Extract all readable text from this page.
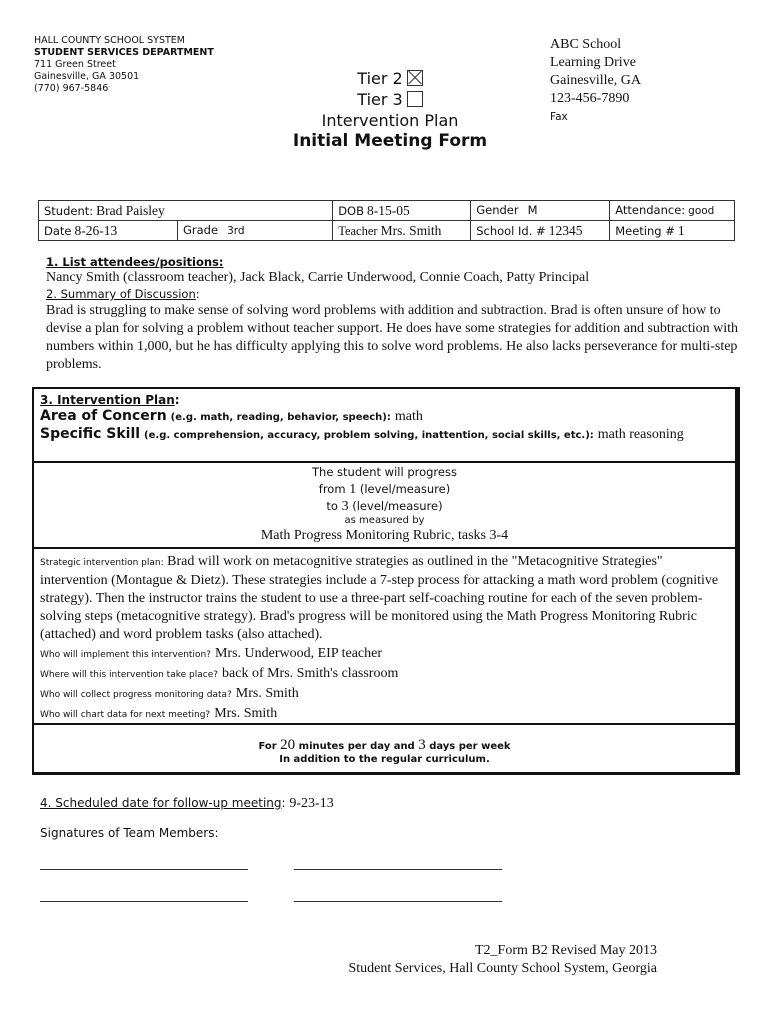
HALL COUNTY SCHOOL SYSTEM
STUDENT SERVICES DEPARTMENT
711 Green Street
Gainesville, GA 30501
(770) 967-5846
ABC School
Learning Drive
Gainesville, GA
123-456-7890
Fax
Tier 2
Tier 3
Intervention Plan
Initial Meeting Form
Student: Brad Paisley		DOB 8-15-05	Gender M	Attendance: good
Date 8-26-13	Grade 3rd	Teacher Mrs. Smith	School Id. # 12345	Meeting # 1
1. List attendees/positions:
Nancy Smith (classroom teacher), Jack Black, Carrie Underwood, Connie Coach, Patty Principal
2. Summary of Discussion:
Brad is struggling to make sense of solving word problems with addition and subtraction. Brad is often unsure of how to devise a plan for solving a problem without teacher support. He does have some strategies for addition and subtraction with numbers within 1,000, but he has difficulty applying this to solve word problems. He also lacks perseverance for multi-step problems.
3. Intervention Plan:
Area of Concern (e.g. math, reading, behavior, speech): math
Specific Skill (e.g. comprehension, accuracy, problem solving, inattention, social skills, etc.): math reasoning
The student will progress
from 1 (level/measure)
to 3 (level/measure)
as measured by
Math Progress Monitoring Rubric, tasks 3-4
Strategic intervention plan: Brad will work on metacognitive strategies as outlined in the "Metacognitive Strategies" intervention (Montague & Dietz). These strategies include a 7-step process for attacking a math word problem (cognitive strategy). Then the instructor trains the student to use a three-part self-coaching routine for each of the seven problem-solving steps (metacognitive strategy). Brad's progress will be monitored using the Math Progress Monitoring Rubric (attached) and word problem tasks (also attached).
Who will implement this intervention? Mrs. Underwood, EIP teacher
Where will this intervention take place? back of Mrs. Smith's classroom
Who will collect progress monitoring data? Mrs. Smith
Who will chart data for next meeting? Mrs. Smith
For 20 minutes per day and 3 days per week
In addition to the regular curriculum.
4. Scheduled date for follow-up meeting: 9-23-13
Signatures of Team Members:
T2_Form B2 Revised May 2013
Student Services, Hall County School System, Georgia
